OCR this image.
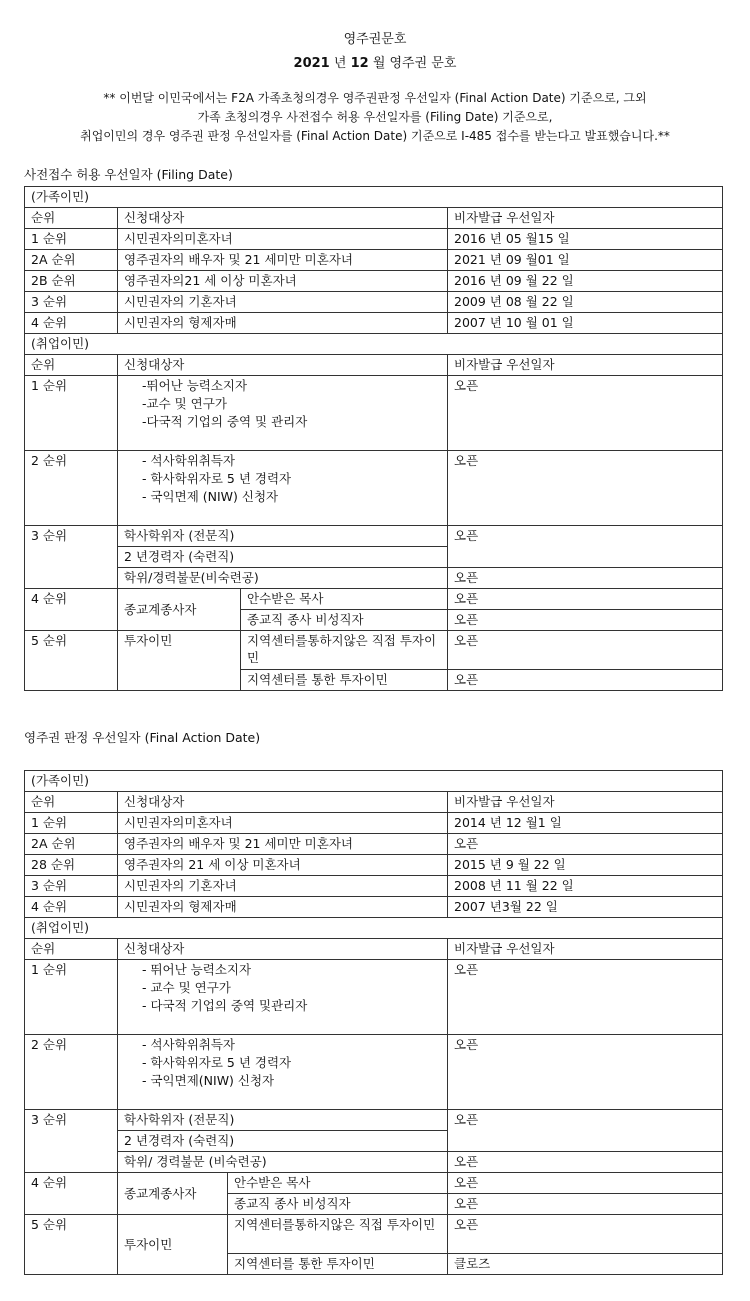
영주권문호
2021 년 12 월 영주권 문호
** 이번달 이민국에서는 F2A 가족초청의경우 영주권판정 우선일자 (Final Action Date) 기준으로, 그외
가족 초청의경우 사전접수 허용 우선일자를 (Filing Date) 기준으로,
취업이민의 경우 영주권 판정 우선일자를 (Final Action Date) 기준으로 I-485 접수를 받는다고 발표했습니다.**
사전접수 허용 우선일자 (Filing Date)
(가족이민)			
순위	신청대상자		비자발급 우선일자
1 순위	시민권자의미혼자녀		2016 년 05 월15 일
2A 순위	영주권자의 배우자 및 21 세미만 미혼자녀		2021 년 09 월01 일
2B 순위	영주권자의21 세 이상 미혼자녀		2016 년 09 월 22 일
3 순위	시민권자의 기혼자녀		2009 년 08 월 22 일
4 순위	시민권자의 형제자매		2007 년 10 월 01 일
(취업이민)			
순위	신청대상자		비자발급 우선일자
1 순위	-뛰어난 능력소지자
-교수 및 연구가
-다국적 기업의 중역 및 관리자		오픈
2 순위	- 석사학위취득자
- 학사학위자로 5 년 경력자
- 국익면제 (NIW) 신청자		오픈
3 순위	학사학위자 (전문직)		오픈
	2 년경력자 (숙련직)		
	학위/경력불문(비숙련공)		오픈
4 순위	종교계종사자	안수받은 목사	오픈
		종교직 종사 비성직자	오픈
5 순위	투자이민	지역센터를통하지않은 직접 투자이민	오픈
		지역센터를 통한 투자이민	오픈
영주권 판정 우선일자 (Final Action Date)
(가족이민)			
순위	신청대상자		비자발급 우선일자
1 순위	시민권자의미혼자녀		2014 년 12 월1 일
2A 순위	영주권자의 배우자 및 21 세미만 미혼자녀		오픈
28 순위	영주권자의 21 세 이상 미혼자녀		2015 년 9 월 22 일
3 순위	시민권자의 기혼자녀		2008 년 11 월 22 일
4 순위	시민권자의 형제자매		2007 년3월 22 일
(취업이민)			
순위	신청대상자		비자발급 우선일자
1 순위	- 뛰어난 능력소지자
- 교수 및 연구가
- 다국적 기업의 중역 및관리자		오픈
2 순위	- 석사학위취득자
- 학사학위자로 5 년 경력자
- 국익면제(NIW) 신청자		오픈
3 순위	학사학위자 (전문직)		오픈
	2 년경력자 (숙련직)		
	학위/ 경력불문 (비숙련공)		오픈
4 순위	종교계종사자	안수받은 목사	오픈
		종교직 종사 비성직자	오픈
5 순위	투자이민	지역센터를통하지않은 직접 투자이민	오픈
		지역센터를 통한 투자이민	클로즈
